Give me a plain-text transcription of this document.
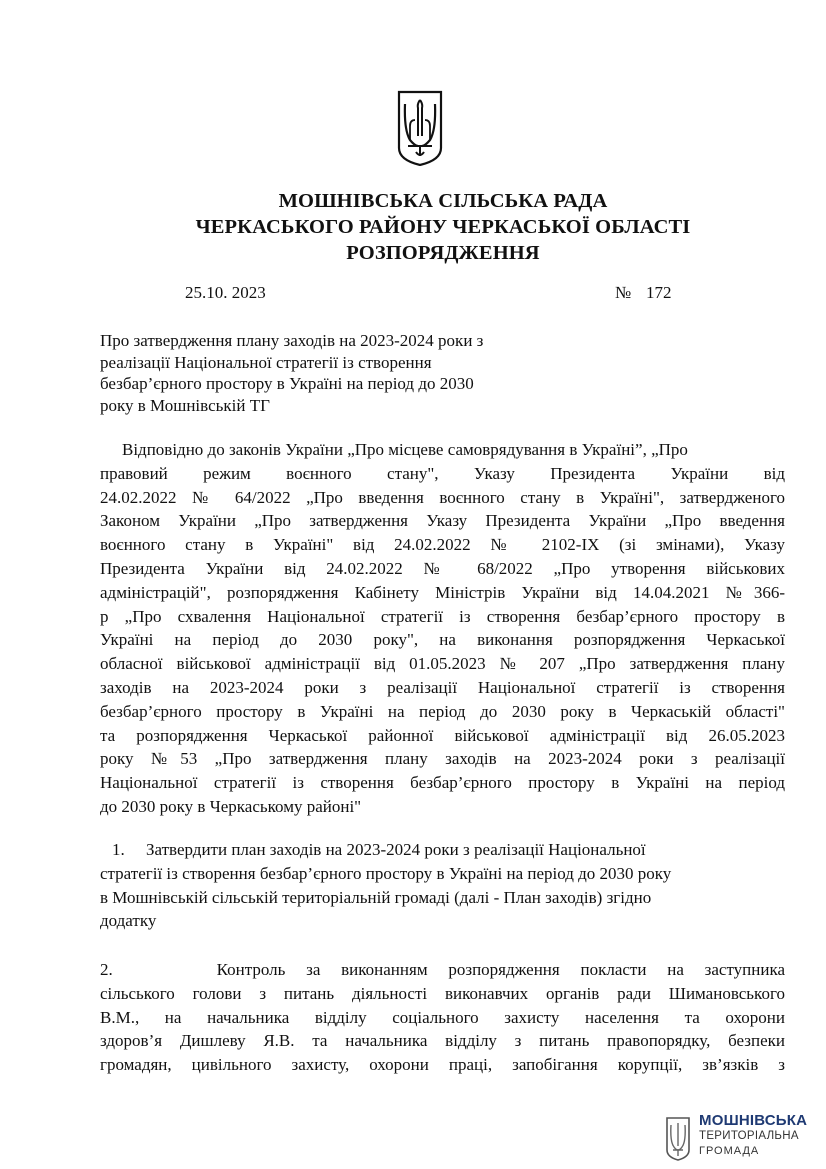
МОШНІВСЬКА СІЛЬСЬКА РАДА
ЧЕРКАСЬКОГО РАЙОНУ ЧЕРКАСЬКОЇ ОБЛАСТІ
РОЗПОРЯДЖЕННЯ
25.10. 2023	№ 172
Про затвердження плану заходів на 2023-2024 роки з
реалізації Національної стратегії із створення
безбар’єрного простору в Україні на період до 2030
року в Мошнівській ТГ
Відповідно до законів України „Про місцеве самоврядування в Україні”, „Про
правовий режим воєнного стану", Указу Президента України від
24.02.2022 № 64/2022 „Про введення воєнного стану в Україні", затвердженого
Законом України „Про затвердження Указу Президента України „Про введення
воєнного стану в Україні" від 24.02.2022 № 2102-ІХ (зі змінами), Указу
Президента України від 24.02.2022 № 68/2022 „Про утворення військових
адміністрацій", розпорядження Кабінету Міністрів України від 14.04.2021 №366-
р „Про схвалення Національної стратегії із створення безбар’єрного простору в
Україні на період до 2030 року", на виконання розпорядження Черкаської
обласної військової адміністрації від 01.05.2023 № 207 „Про затвердження плану
заходів на 2023-2024 роки з реалізації Національної стратегії із створення
безбар’єрного простору в Україні на період до 2030 року в Черкаській області"
та розпорядження Черкаської районної військової адміністрації від 26.05.2023
року №53 „Про затвердження плану заходів на 2023-2024 роки з реалізації
Національної стратегії із створення безбар’єрного простору в Україні на період
до 2030 року в Черкаському районі"
1.     Затвердити план заходів на 2023-2024 роки з реалізації Національної
стратегії із створення безбар’єрного простору в Україні на період до 2030 року
в Мошнівській сільській територіальній громаді (далі - План заходів) згідно
додатку
2.     Контроль за виконанням розпорядження покласти на заступника
сільського голови з питань діяльності виконавчих органів ради Шимановського
В.М., на начальника відділу соціального захисту населення та охорони
здоров’я Дишлеву Я.В. та начальника відділу з питань правопорядку, безпеки
громадян, цивільного захисту, охорони праці, запобігання корупції, зв’язків з
МОШНІВСЬКА
ТЕРИТОРІАЛЬНА
ГРОМАДА
